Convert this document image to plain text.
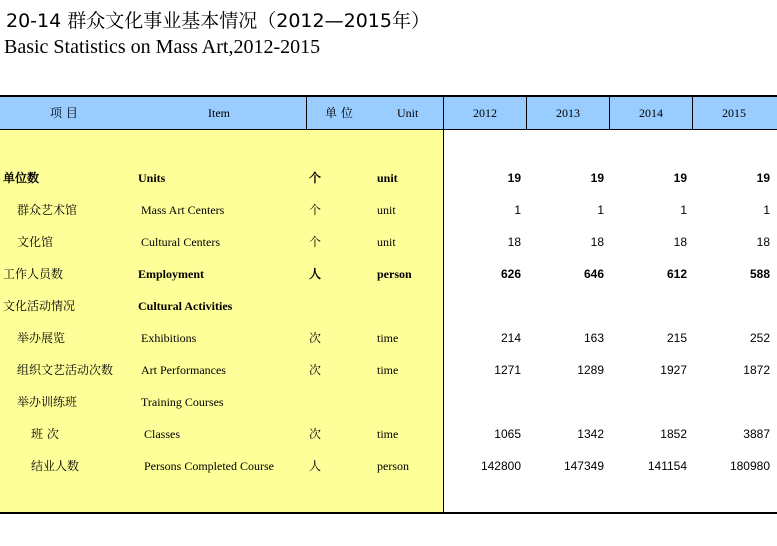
20-14 群众文化事业基本情况（2012—2015年）
Basic Statistics on Mass Art,2012-2015
项 目	Item	单 位	Unit	2012	2013	2014	2015
单位数	Units	个	unit	19	19	19	19
群众艺术馆	Mass Art Centers	个	unit	1	1	1	1
文化馆	Cultural Centers	个	unit	18	18	18	18
工作人员数	Employment	人	person	626	646	612	588
文化活动情况	Cultural Activities
举办展览	Exhibitions	次	time	214	163	215	252
组织文艺活动次数 Art Performances	次	time	1271	1289	1927	1872
举办训练班	Training Courses
班 次	Classes	次	time	1065	1342	1852	3887
结业人数	Persons Completed Course	人	person	142800	147349	141154	180980
